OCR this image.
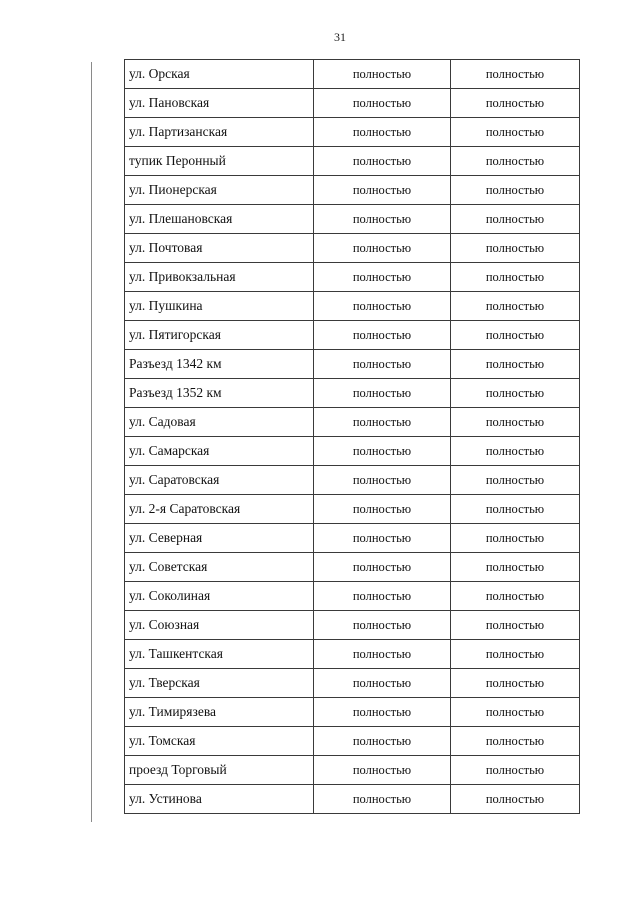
31
ул. Орская	полностью	полностью
ул. Пановская	полностью	полностью
ул. Партизанская	полностью	полностью
тупик Перонный	полностью	полностью
ул. Пионерская	полностью	полностью
ул. Плешановская	полностью	полностью
ул. Почтовая	полностью	полностью
ул. Привокзальная	полностью	полностью
ул. Пушкина	полностью	полностью
ул. Пятигорская	полностью	полностью
Разъезд 1342 км	полностью	полностью
Разъезд 1352 км	полностью	полностью
ул. Садовая	полностью	полностью
ул. Самарская	полностью	полностью
ул. Саратовская	полностью	полностью
ул. 2-я Саратовская	полностью	полностью
ул. Северная	полностью	полностью
ул. Советская	полностью	полностью
ул. Соколиная	полностью	полностью
ул. Союзная	полностью	полностью
ул. Ташкентская	полностью	полностью
ул. Тверская	полностью	полностью
ул. Тимирязева	полностью	полностью
ул. Томская	полностью	полностью
проезд Торговый	полностью	полностью
ул. Устинова	полностью	полностью
